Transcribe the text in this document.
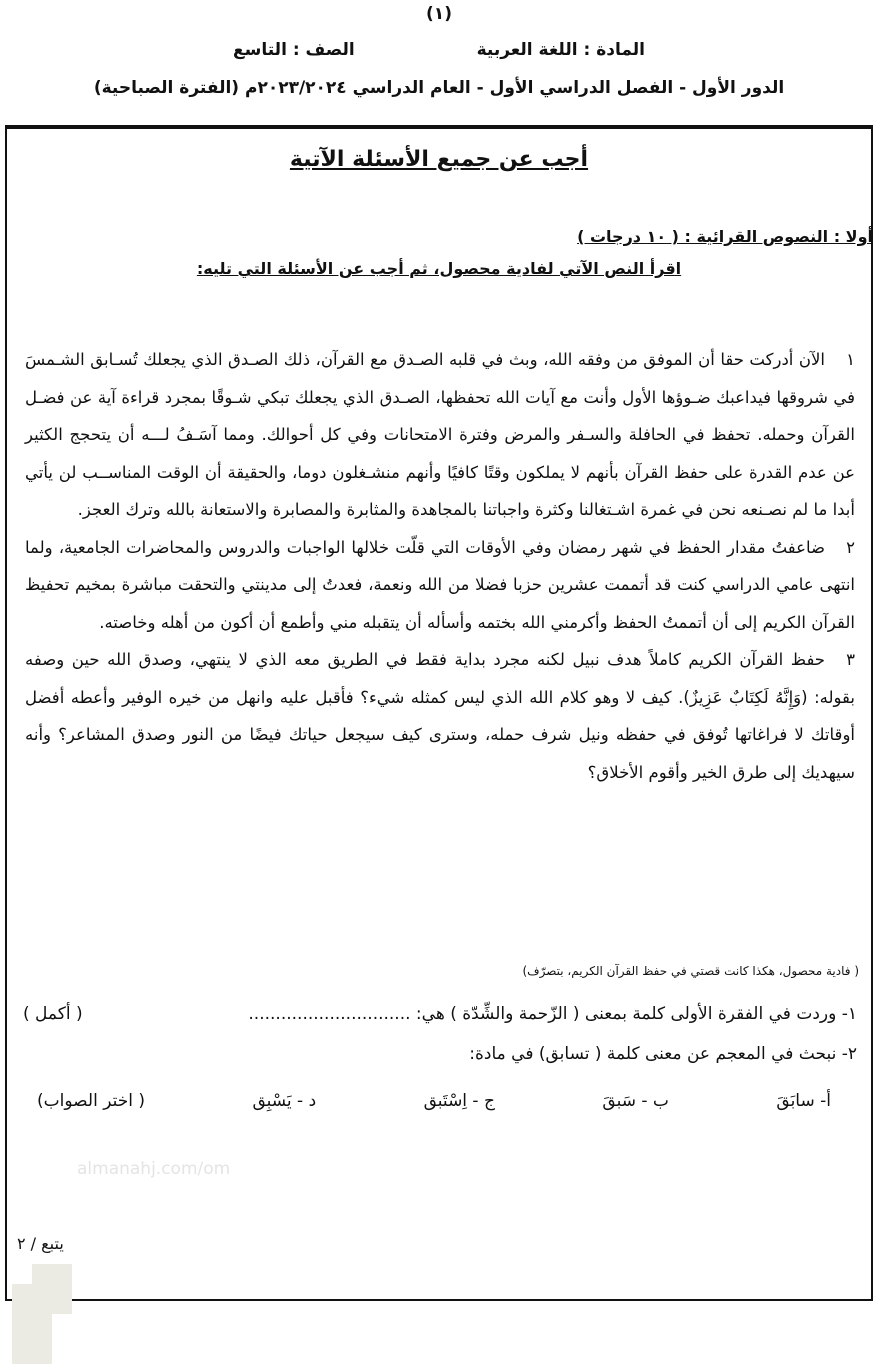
(١)
المادة : اللغة العربية  الصف : التاسع
الدور الأول - الفصل الدراسي الأول - العام الدراسي ٢٠٢٣/٢٠٢٤م (الفترة الصباحية)
أجب عن جميع الأسئلة الآتية
أولا : النصوص القرائية : ( ١٠ درجات )
اقرأ النص الآتي لفادية محصول، ثم أجب عن الأسئلة التي تليه:

١الآن أدركت حقا أن الموفق من وفقه الله، وبث في قلبه الصـدق مع القرآن، ذلك الصـدق الذي يجعلك تُسـابق الشـمسَ في شروقها فيداعبك ضـوؤها الأول وأنت مع آيات الله تحفظها، الصـدق الذي يجعلك تبكي شـوقًا بمجرد قراءة آية عن فضـل القرآن وحمله. تحفظ في الحافلة والسـفر والمرض وفترة الامتحانات وفي كل أحوالك. ومما آسَـفُ لـــه أن يتحجج الكثير عن عدم القدرة على حفظ القرآن بأنهم لا يملكون وقتًا كافيًا وأنهم منشـغلون دوما، والحقيقة أن الوقت المناســب لن يأتي أبدا ما لم نصـنعه نحن في غمرة اشـتغالنا وكثرة واجباتنا بالمجاهدة والمثابرة والمصابرة والاستعانة بالله وترك العجز.

٢ضاعفتُ مقدار الحفظ في شهر رمضان وفي الأوقات التي قلّت خلالها الواجبات والدروس والمحاضرات الجامعية، ولما انتهى عامي الدراسي كنت قد أتممت عشرين حزبا فضلا من الله ونعمة، فعدتُ إلى مدينتي والتحقت مباشرة بمخيم تحفيظ القرآن الكريم إلى أن أتممتُ الحفظ وأكرمني الله بختمه وأسأله أن يتقبله مني وأطمع أن أكون من أهله وخاصته.

٣حفظ القرآن الكريم كاملاً هدف نبيل لكنه مجرد بداية فقط في الطريق معه الذي لا ينتهي، وصدق الله حين وصفه بقوله: (وَإِنَّهُ لَكِتَابٌ عَزِيزٌ). كيف لا وهو كلام الله الذي ليس كمثله شيء؟ فأقبل عليه وانهل من خيره الوفير وأعطه أفضل أوقاتك لا فراغاتها تُوفق في حفظه ونيل شرف حمله، وسترى كيف سيجعل حياتك فيضًا من النور وصدق المشاعر؟ وأنه سيهديك إلى طرق الخير وأقوم الأخلاق؟

( فادية محصول، هكذا كانت قصتي في حفظ القرآن الكريم، بتصرّف)
١- وردت في الفقرة الأولى كلمة بمعنى ( الزّحمة والشِّدّة ) هي: ..............................
( أكمل )
٢- نبحث في المعجم عن معنى كلمة ( تسابق) في مادة:
أ- سابَقَ
ب - سَبقَ
ج - اِسْتَبق
د - يَسْبِق
( اختر الصواب)
almanahj.com/om
يتبع / ٢
